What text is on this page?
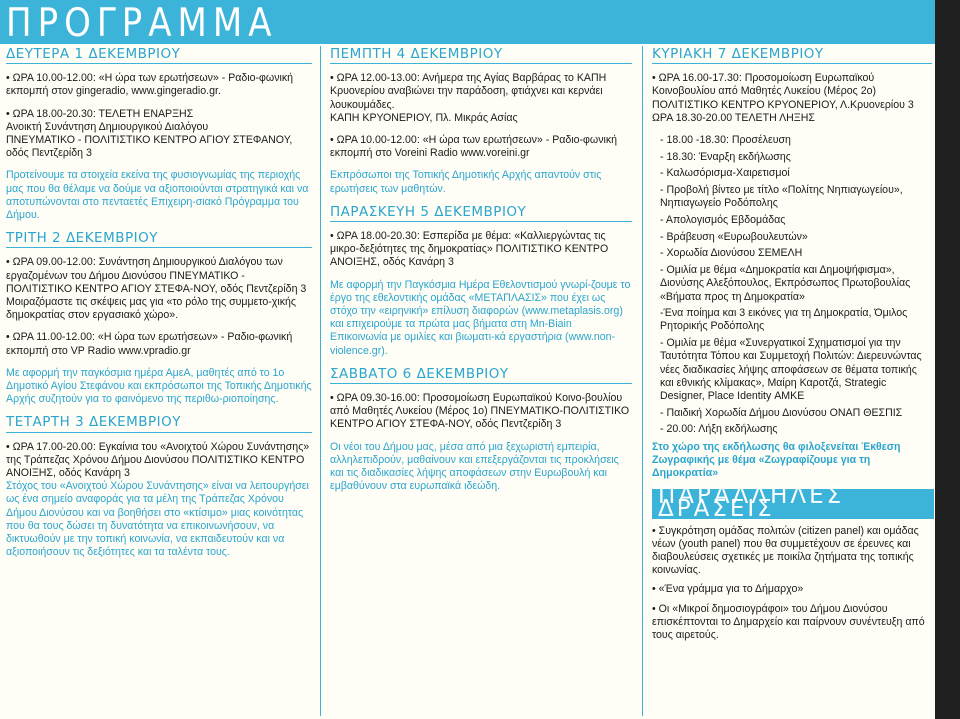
ΠΡΟΓΡΑΜΜΑ
ΔΕΥΤΕΡΑ 1 ΔΕΚΕΜΒΡΙΟΥ
• ΩΡΑ 10.00-12.00: «Η ώρα των ερωτήσεων» - Ραδιο-φωνική εκπομπή στον gingeradio, www.gingeradio.gr.
• ΩΡΑ 18.00-20.30: ΤΕΛΕΤΗ ΕΝΑΡΞΗΣ
Ανοικτή Συνάντηση Δημιουργικού Διαλόγου
ΠΝΕΥΜΑΤΙΚΟ - ΠΟΛΙΤΙΣΤΙΚΟ ΚΕΝΤΡΟ ΑΓΙΟΥ ΣΤΕΦΑΝΟΥ, οδός Πεντζερίδη 3
Προτείνουμε τα στοιχεία εκείνα της φυσιογνωμίας της περιοχής μας που θα θέλαμε να δούμε να αξιοποιούνται στρατηγικά και να αποτυπώνονται στο πενταετές Επιχειρη-σιακό Πρόγραμμα του Δήμου.
ΤΡΙΤΗ 2 ΔΕΚΕΜΒΡΙΟΥ
• ΩΡΑ 09.00-12.00: Συνάντηση Δημιουργικού Διαλόγου των εργαζομένων του Δήμου Διονύσου ΠΝΕΥΜΑΤΙΚΟ - ΠΟΛΙΤΙΣΤΙΚΟ ΚΕΝΤΡΟ ΑΓΙΟΥ ΣΤΕΦΑ-ΝΟΥ, οδός Πεντζερίδη 3 Μοιραζόμαστε τις σκέψεις μας για «το ρόλο της συμμετο-χικής δημοκρατίας στον εργασιακό χώρο».
• ΩΡΑ 11.00-12.00: «Η ώρα των ερωτήσεων» - Ραδιο-φωνική εκπομπή στο VP Radio www.vpradio.gr
Με αφορμή την παγκόσμια ημέρα ΑμεΑ, μαθητές από το 1ο Δημοτικό Αγίου Στεφάνου και εκπρόσωποι της Τοπικής Δημοτικής Αρχής συζητούν για το φαινόμενο της περιθω-ριοποίησης.
ΤΕΤΑΡΤΗ 3 ΔΕΚΕΜΒΡΙΟΥ
• ΩΡΑ 17.00-20.00: Εγκαίνια του «Ανοιχτού Χώρου Συνάντησης» της Τράπεζας Χρόνου Δήμου Διονύσου ΠΟΛΙΤΙΣΤΙΚΟ ΚΕΝΤΡΟ ΑΝΟΙΞΗΣ, οδός Κανάρη 3
Στόχος του «Ανοιχτού Χώρου Συνάντησης» είναι να λειτουργήσει ως ένα σημείο αναφοράς για τα μέλη της Τράπεζας Χρόνου Δήμου Διονύσου και να βοηθήσει στο «κτίσιμο» μιας κοινότητας που θα τους δώσει τη δυνατότητα να επικοινωνήσουν, να δικτυωθούν με την τοπική κοινωνία, να εκπαιδευτούν και να αξιοποιήσουν τις δεξιότητες και τα ταλέντα τους.
ΠΕΜΠΤΗ 4 ΔΕΚΕΜΒΡΙΟΥ
• ΩΡΑ 12.00-13.00: Ανήμερα της Αγίας Βαρβάρας το ΚΑΠΗ Κρυονερίου αναβιώνει την παράδοση, φτιάχνει και κερνάει λουκουμάδες.
ΚΑΠΗ ΚΡΥΟΝΕΡΙΟΥ, Πλ. Μικράς Ασίας
• ΩΡΑ 10.00-12.00: «Η ώρα των ερωτήσεων» - Ραδιο-φωνική εκπομπή στο Voreini Radio www.voreini.gr
Εκπρόσωποι της Τοπικής Δημοτικής Αρχής απαντούν στις ερωτήσεις των μαθητών.
ΠΑΡΑΣΚΕΥΗ 5 ΔΕΚΕΜΒΡΙΟΥ
• ΩΡΑ 18.00-20.30: Εσπερίδα με θέμα: «Καλλιεργώντας τις μικρο-δεξιότητες της δημοκρατίας» ΠΟΛΙΤΙΣΤΙΚΟ ΚΕΝΤΡΟ ΑΝΟΙΞΗΣ, οδός Κανάρη 3
Με αφορμή την Παγκόσμια Ημέρα Εθελοντισμού γνωρί-ζουμε το έργο της εθελοντικής ομάδας «ΜΕΤΑΠΛΑΣΙΣ» που έχει ως στόχο την «ειρηνική» επίλυση διαφορών (www.metaplasis.org) και επιχειρούμε τα πρώτα μας βήματα στη Mn-Biain Επικοινωνία με ομιλίες και βιωματι-κά εργαστήρια (www.non-violence.gr).
ΣΑΒΒΑΤΟ 6 ΔΕΚΕΜΒΡΙΟΥ
• ΩΡΑ 09.30-16.00: Προσομοίωση Ευρωπαϊκού Κοινο-βουλίου από Μαθητές Λυκείου (Μέρος 1ο) ΠΝΕΥΜΑΤΙΚΟ-ΠΟΛΙΤΙΣΤΙΚΟ ΚΕΝΤΡΟ ΑΓΙΟΥ ΣΤΕΦΑ-ΝΟΥ, οδός Πεντζερίδη 3
Οι νέοι του Δήμου μας, μέσα από μια ξεχωριστή εμπειρία, αλληλεπιδρούν, μαθαίνουν και επεξεργάζονται τις προκλήσεις και τις διαδικασίες λήψης αποφάσεων στην Ευρωβουλή και εμβαθύνουν στα ευρωπαϊκά ιδεώδη.
ΚΥΡΙΑΚΗ 7 ΔΕΚΕΜΒΡΙΟΥ
• ΩΡΑ 16.00-17.30: Προσομοίωση Ευρωπαϊκού Κοινοβουλίου από Μαθητές Λυκείου (Μέρος 2ο) ΠΟΛΙΤΙΣΤΙΚΟ ΚΕΝΤΡΟ ΚΡΥΟΝΕΡΙΟΥ, Λ.Κρυονερίου 3 ΩΡΑ 18.30-20.00 ΤΕΛΕΤΗ ΛΗΞΗΣ
- 18.00 -18.30: Προσέλευση
- 18.30: Έναρξη εκδήλωσης
- Καλωσόρισμα-Χαιρετισμοί
- Προβολή βίντεο με τίτλο «Πολίτης Νηπιαγωγείου», Νηπιαγωγείο Ροδόπολης
- Απολογισμός Εβδομάδας
- Βράβευση «Ευρωβουλευτών»
- Χορωδία Διονύσου ΣΕΜΕΛΗ
- Ομιλία με θέμα «Δημοκρατία και Δημοψήφισμα», Διονύσης Αλεξόπουλος, Εκπρόσωπος Πρωτοβουλίας «Βήματα προς τη Δημοκρατία»
-Ένα ποίημα και 3 εικόνες για τη Δημοκρατία, Όμιλος Ρητορικής Ροδόπολης
- Ομιλία με θέμα «Συνεργατικοί Σχηματισμοί για την Ταυτότητα Τόπου και Συμμετοχή Πολιτών: Διερευνώντας νέες διαδικασίες λήψης αποφάσεων σε θέματα τοπικής και εθνικής κλίμακας», Μαίρη Καροτζά, Strategic Designer, Place Identity ΑΜΚΕ
- Παιδική Χορωδία Δήμου Διονύσου ΟΝΑΠ ΘΕΣΠΙΣ
- 20.00: Λήξη εκδήλωσης
Στο χώρο της εκδήλωσης θα φιλοξενείται Έκθεση Ζωγραφικής με θέμα «Ζωγραφίζουμε για τη Δημοκρατία»
ΠΑΡΑΛΛΗΛΕΣ ΔΡΑΣΕΙΣ
• Συγκρότηση ομάδας πολιτών (citizen panel) και ομάδας νέων (youth panel) που θα συμμετέχουν σε έρευνες και διαβουλεύσεις σχετικές με ποικίλα ζητήματα της τοπικής κοινωνίας.
• «Ένα γράμμα για το Δήμαρχο»
• Οι «Μικροί δημοσιογράφοι» του Δήμου Διονύσου επισκέπτονται το Δημαρχείο και παίρνουν συνέντευξη από τους αιρετούς.
